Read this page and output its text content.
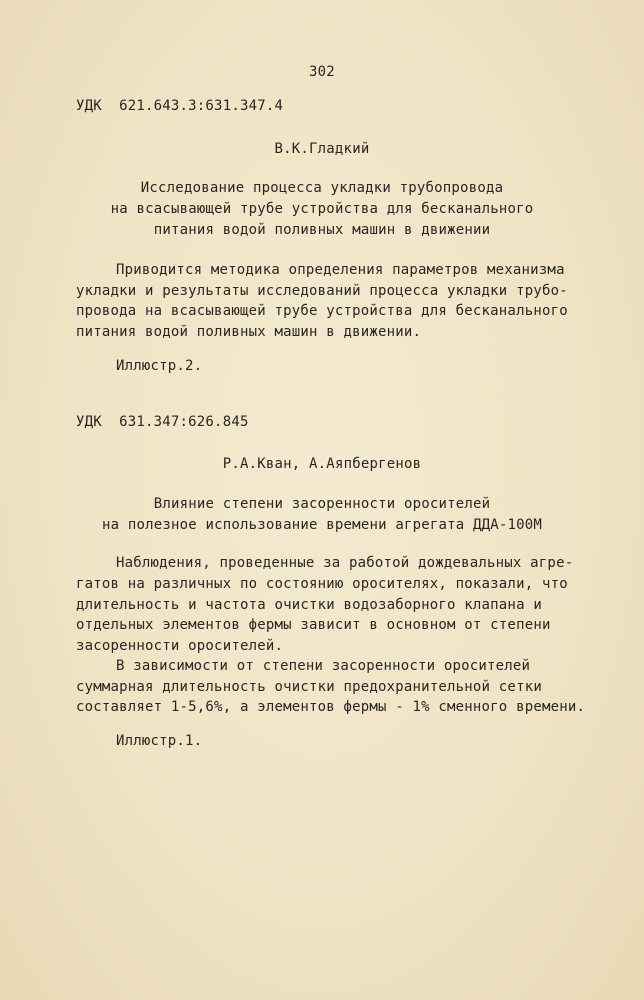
302
УДК  621.643.3:631.347.4
В.К.Гладкий
Исследование процесса укладки трубопровода
на всасывающей трубе устройства для бесканального
питания водой поливных машин в движении
Приводится методика определения параметров механизма
укладки и результаты исследований процесса укладки трубо-
провода на всасывающей трубе устройства для бесканального
питания водой поливных машин в движении.
Иллюстр.2.
УДК  631.347:626.845
Р.А.Кван, А.Аяпбергенов
Влияние степени засоренности оросителей
на полезное использование времени агрегата ДДА-100М
Наблюдения, проведенные за работой дождевальных агре-
гатов на различных по состоянию оросителях, показали, что
длительность и частота очистки водозаборного клапана и
отдельных элементов фермы зависит в основном от степени
засоренности оросителей.
В зависимости от степени засоренности оросителей
суммарная длительность очистки предохранительной сетки
составляет 1-5,6%, а элементов фермы - 1% сменного времени.
Иллюстр.1.
